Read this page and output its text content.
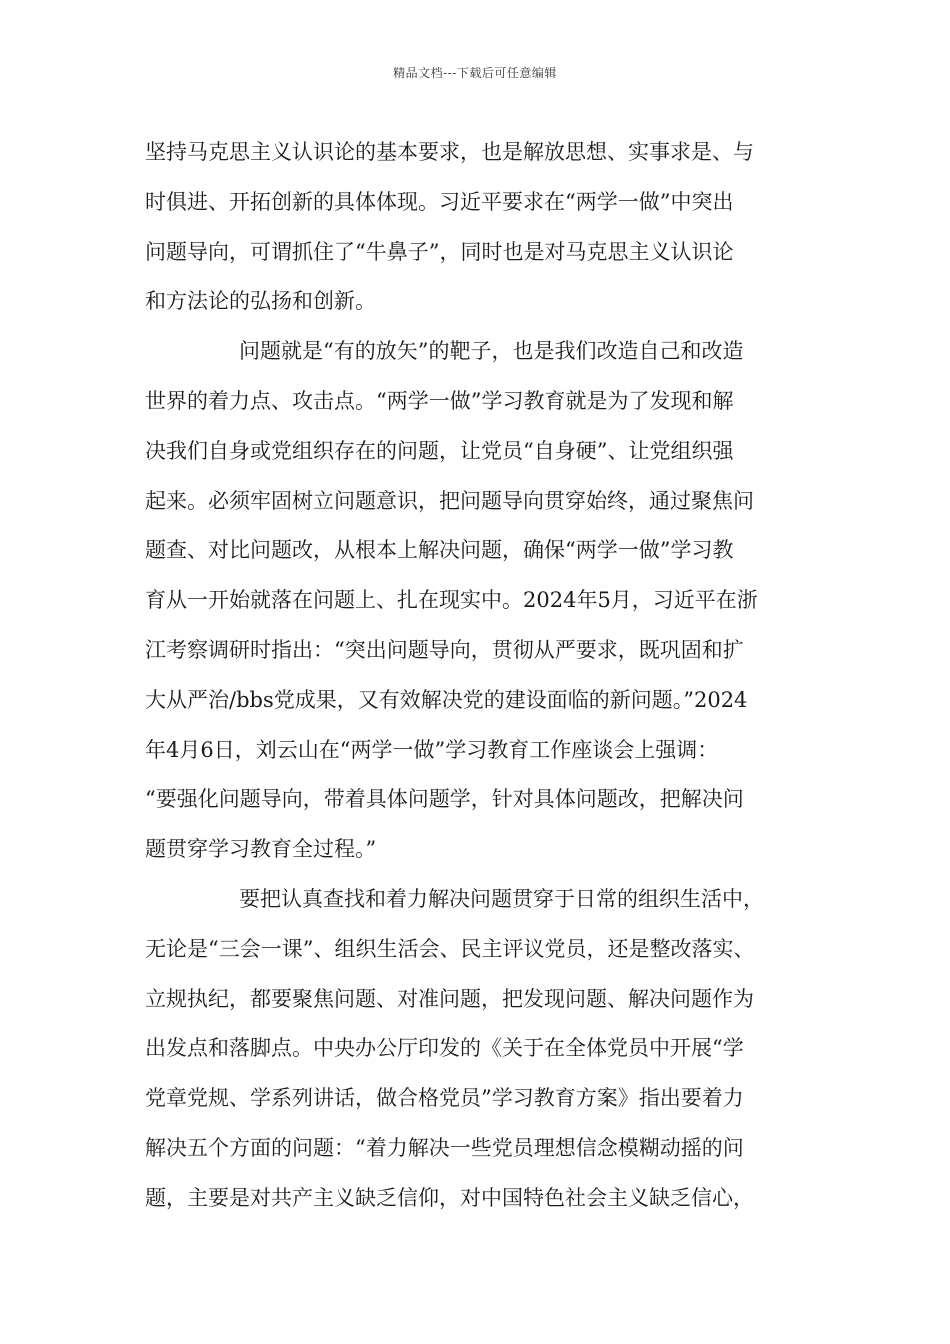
精品文档---下载后可任意编辑
坚持马克思主义认识论的基本要求，也是解放思想、实事求是、与
时俱进、开拓创新的具体体现。习近平要求在“两学一做”中突出
问题导向，可谓抓住了“牛鼻子”，同时也是对马克思主义认识论
和方法论的弘扬和创新。
问题就是“有的放矢”的靶子，也是我们改造自己和改造
世界的着力点、攻击点。“两学一做”学习教育就是为了发现和解
决我们自身或党组织存在的问题，让党员“自身硬”、让党组织强
起来。必须牢固树立问题意识，把问题导向贯穿始终，通过聚焦问
题查、对比问题改，从根本上解决问题，确保“两学一做”学习教
育从一开始就落在问题上、扎在现实中。2024年5月，习近平在浙
江考察调研时指出：“突出问题导向，贯彻从严要求，既巩固和扩
大从严治/bbs党成果，又有效解决党的建设面临的新问题。”2024
年4月6日，刘云山在“两学一做”学习教育工作座谈会上强调：
“要强化问题导向，带着具体问题学，针对具体问题改，把解决问
题贯穿学习教育全过程。”
要把认真查找和着力解决问题贯穿于日常的组织生活中，
无论是“三会一课”、组织生活会、民主评议党员，还是整改落实、
立规执纪，都要聚焦问题、对准问题，把发现问题、解决问题作为
出发点和落脚点。中央办公厅印发的《关于在全体党员中开展“学
党章党规、学系列讲话，做合格党员”学习教育方案》指出要着力
解决五个方面的问题：“着力解决一些党员理想信念模糊动摇的问
题，主要是对共产主义缺乏信仰，对中国特色社会主义缺乏信心，
